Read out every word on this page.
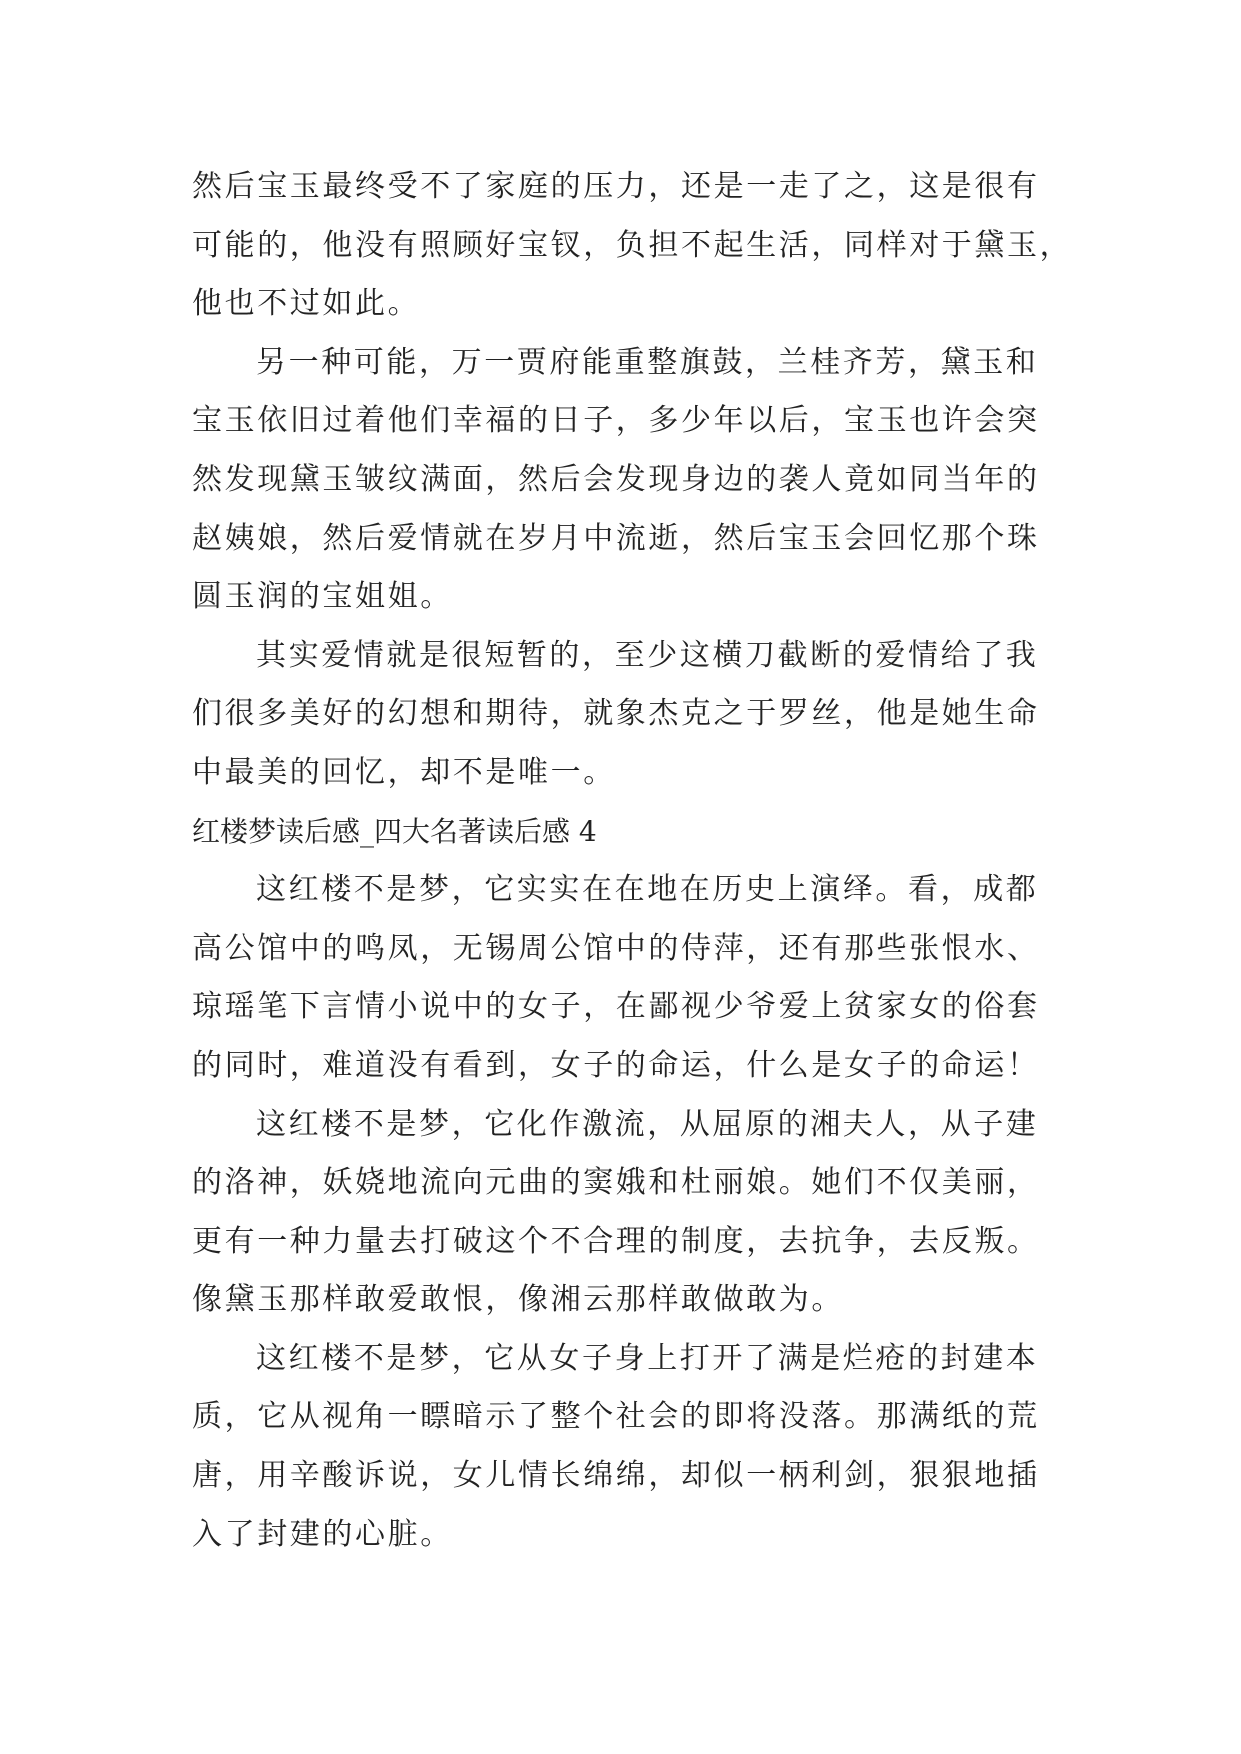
然后宝玉最终受不了家庭的压力，还是一走了之，这是很有
可能的，他没有照顾好宝钗，负担不起生活，同样对于黛玉，
他也不过如此。
另一种可能，万一贾府能重整旗鼓，兰桂齐芳，黛玉和
宝玉依旧过着他们幸福的日子，多少年以后，宝玉也许会突
然发现黛玉皱纹满面，然后会发现身边的袭人竟如同当年的
赵姨娘，然后爱情就在岁月中流逝，然后宝玉会回忆那个珠
圆玉润的宝姐姐。
其实爱情就是很短暂的，至少这横刀截断的爱情给了我
们很多美好的幻想和期待，就象杰克之于罗丝，他是她生命
中最美的回忆，却不是唯一。
红楼梦读后感_四大名著读后感 4
这红楼不是梦，它实实在在地在历史上演绎。看，成都
高公馆中的鸣凤，无锡周公馆中的侍萍，还有那些张恨水、
琼瑶笔下言情小说中的女子，在鄙视少爷爱上贫家女的俗套
的同时，难道没有看到，女子的命运，什么是女子的命运！
这红楼不是梦，它化作激流，从屈原的湘夫人，从子建
的洛神，妖娆地流向元曲的窦娥和杜丽娘。她们不仅美丽，
更有一种力量去打破这个不合理的制度，去抗争，去反叛。
像黛玉那样敢爱敢恨，像湘云那样敢做敢为。
这红楼不是梦，它从女子身上打开了满是烂疮的封建本
质，它从视角一瞟暗示了整个社会的即将没落。那满纸的荒
唐，用辛酸诉说，女儿情长绵绵，却似一柄利剑，狠狠地插
入了封建的心脏。
